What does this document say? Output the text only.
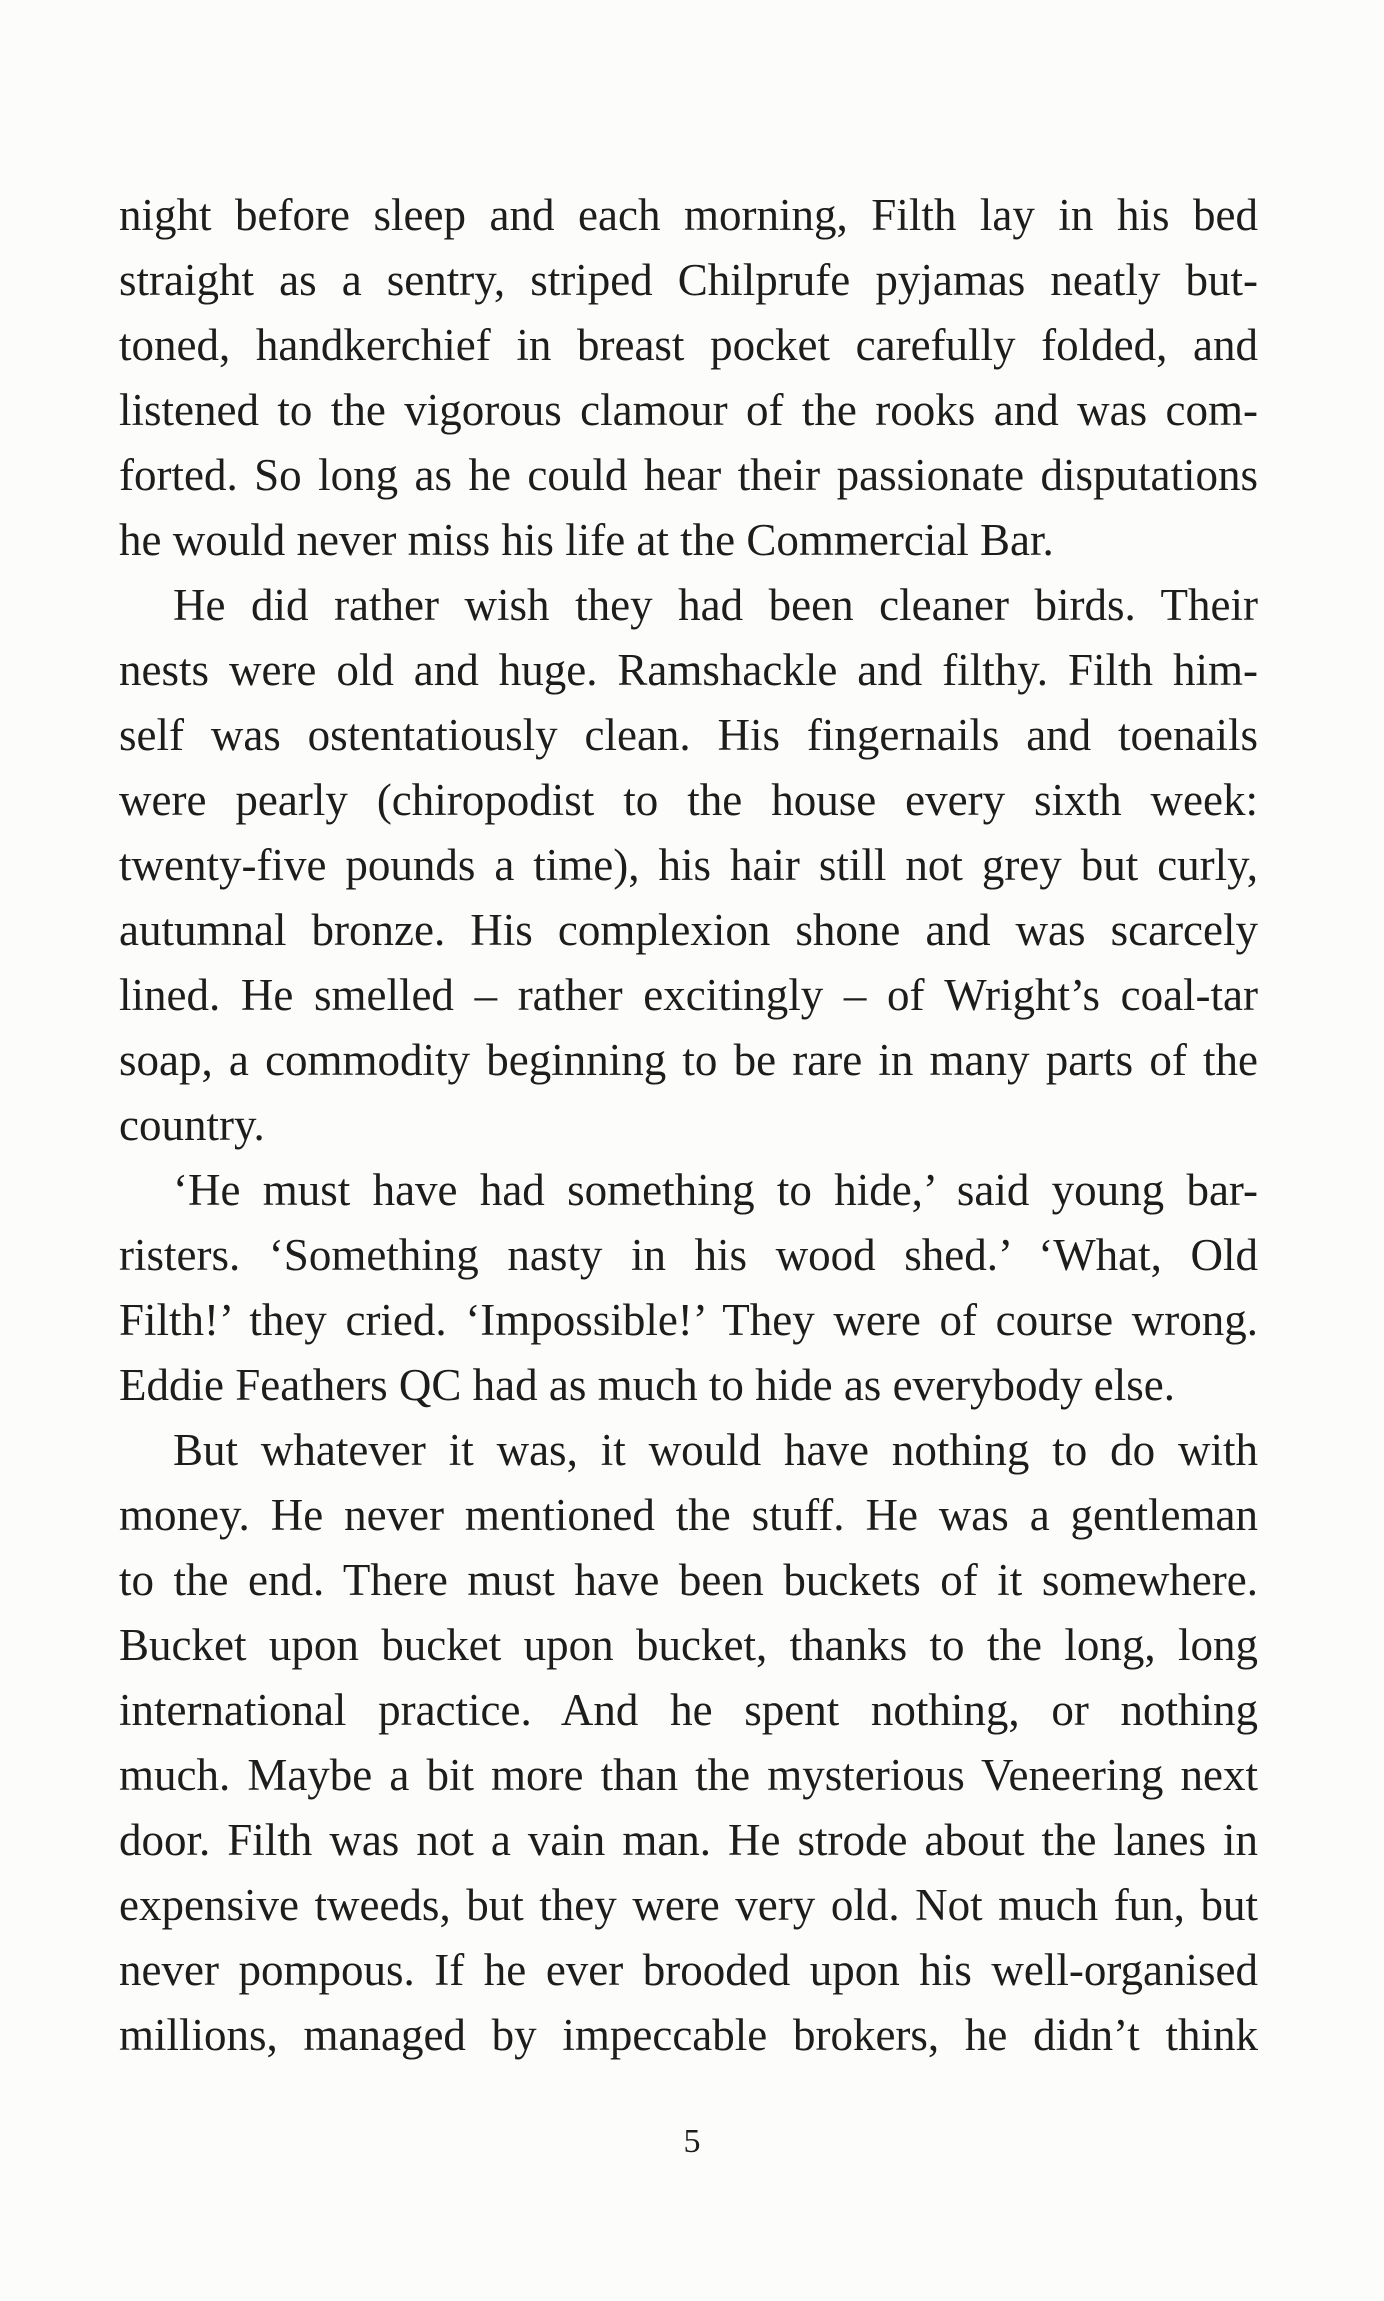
night before sleep and each morning, Filth lay in his bed
straight as a sentry, striped Chilprufe pyjamas neatly but-
toned, handkerchief in breast pocket carefully folded, and
listened to the vigorous clamour of the rooks and was com-
forted. So long as he could hear their passionate disputations
he would never miss his life at the Commercial Bar.
He did rather wish they had been cleaner birds. Their
nests were old and huge. Ramshackle and filthy. Filth him-
self was ostentatiously clean. His fingernails and toenails
were pearly (chiropodist to the house every sixth week:
twenty-five pounds a time), his hair still not grey but curly,
autumnal bronze. His complexion shone and was scarcely
lined. He smelled – rather excitingly – of Wright’s coal-tar
soap, a commodity beginning to be rare in many parts of the
country.
‘He must have had something to hide,’ said young bar-
risters. ‘Something nasty in his wood shed.’ ‘What, Old
Filth!’ they cried. ‘Impossible!’ They were of course wrong.
Eddie Feathers QC had as much to hide as everybody else.
But whatever it was, it would have nothing to do with
money. He never mentioned the stuff. He was a gentleman
to the end. There must have been buckets of it somewhere.
Bucket upon bucket upon bucket, thanks to the long, long
international practice. And he spent nothing, or nothing
much. Maybe a bit more than the mysterious Veneering next
door. Filth was not a vain man. He strode about the lanes in
expensive tweeds, but they were very old. Not much fun, but
never pompous. If he ever brooded upon his well-organised
millions, managed by impeccable brokers, he didn’t think
5
